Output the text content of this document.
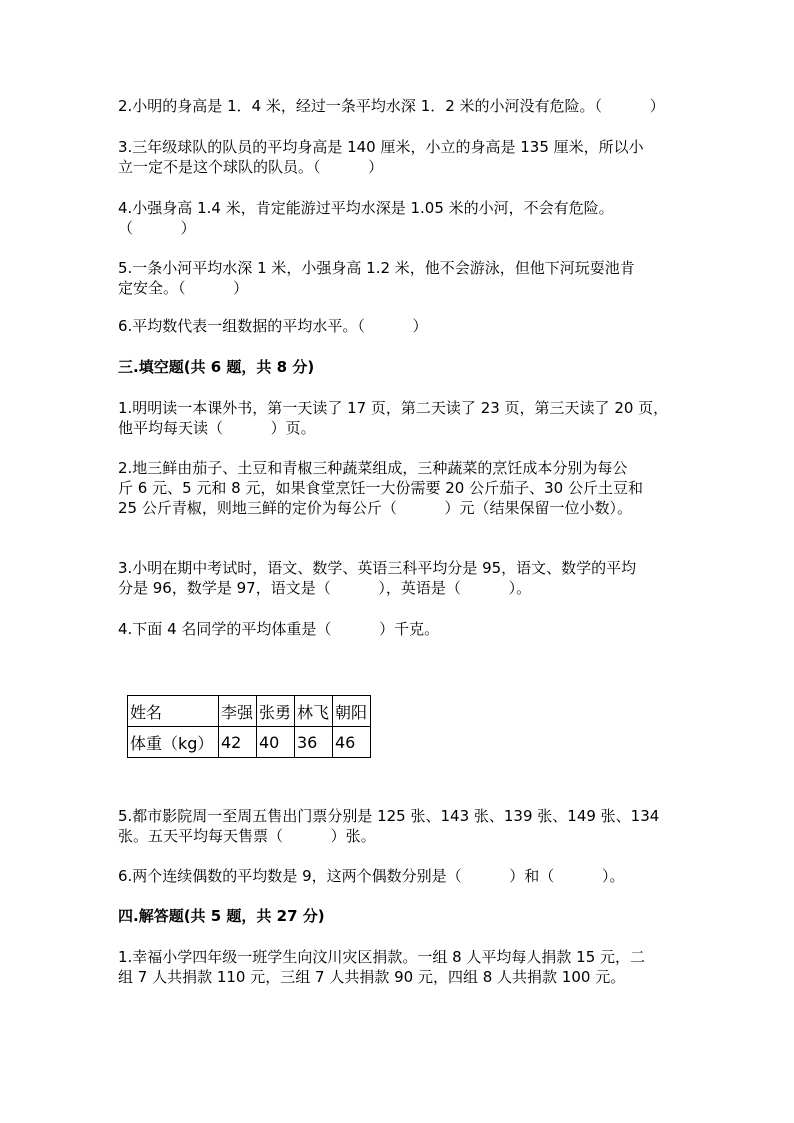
2.小明的身高是 1．4 米，经过一条平均水深 1．2 米的小河没有危险。（          ）
3.三年级球队的队员的平均身高是 140 厘米，小立的身高是 135 厘米，所以小
立一定不是这个球队的队员。（          ）
4.小强身高 1.4 米，肯定能游过平均水深是 1.05 米的小河，不会有危险。
（          ）
5.一条小河平均水深 1 米，小强身高 1.2 米，他不会游泳，但他下河玩耍池肯
定安全。（          ）
6.平均数代表一组数据的平均水平。（          ）
三.填空题(共 6 题，共 8 分)
1.明明读一本课外书，第一天读了 17 页，第二天读了 23 页，第三天读了 20 页，
他平均每天读（          ）页。
2.地三鲜由茄子、土豆和青椒三种蔬菜组成，三种蔬菜的烹饪成本分别为每公
斤 6 元、5 元和 8 元，如果食堂烹饪一大份需要 20 公斤茄子、30 公斤土豆和
25 公斤青椒，则地三鲜的定价为每公斤（          ）元（结果保留一位小数）。
3.小明在期中考试时，语文、数学、英语三科平均分是 95，语文、数学的平均
分是 96，数学是 97，语文是（          ），英语是（          ）。
4.下面 4 名同学的平均体重是（          ）千克。
姓名	李强	张勇	林飞	朝阳
体重（kg）	42	40	36	46
5.都市影院周一至周五售出门票分别是 125 张、143 张、139 张、149 张、134
张。五天平均每天售票（          ）张。
6.两个连续偶数的平均数是 9，这两个偶数分别是（          ）和（          ）。
四.解答题(共 5 题，共 27 分)
1.幸福小学四年级一班学生向汶川灾区捐款。一组 8 人平均每人捐款 15 元，二
组 7 人共捐款 110 元，三组 7 人共捐款 90 元，四组 8 人共捐款 100 元。
